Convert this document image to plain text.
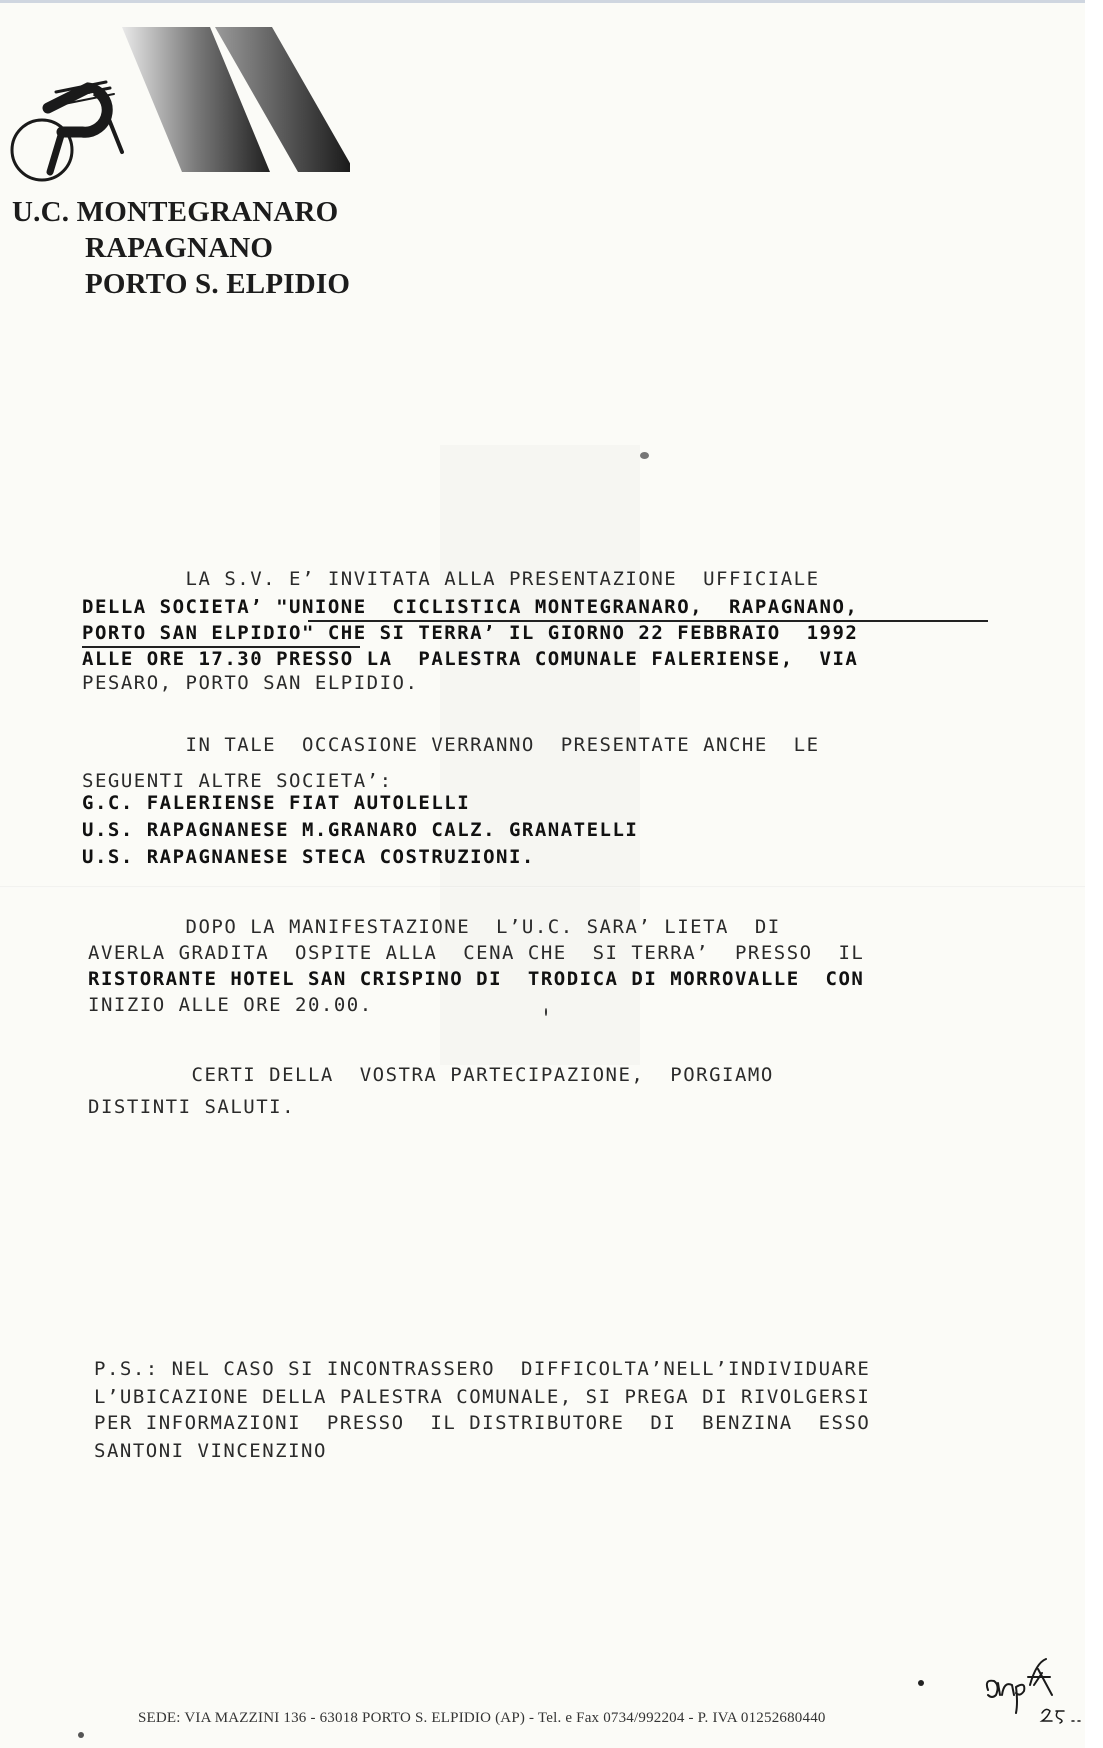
U.C. MONTEGRANARO
RAPAGNANO
PORTO S. ELPIDIO
LA S.V. E’ INVITATA ALLA PRESENTAZIONE  UFFICIALE
DELLA SOCIETA’ "UNIONE  CICLISTICA MONTEGRANARO,  RAPAGNANO,
PORTO SAN ELPIDIO" CHE SI TERRA’ IL GIORNO 22 FEBBRAIO  1992
ALLE ORE 17.30 PRESSO LA  PALESTRA COMUNALE FALERIENSE,  VIA
PESARO, PORTO SAN ELPIDIO.
IN TALE  OCCASIONE VERRANNO  PRESENTATE ANCHE  LE
SEGUENTI ALTRE SOCIETA’:
G.C. FALERIENSE FIAT AUTOLELLI
U.S. RAPAGNANESE M.GRANARO CALZ. GRANATELLI
U.S. RAPAGNANESE STECA COSTRUZIONI.
DOPO LA MANIFESTAZIONE  L’U.C. SARA’ LIETA  DI
AVERLA GRADITA  OSPITE ALLA  CENA CHE  SI TERRA’  PRESSO  IL
RISTORANTE HOTEL SAN CRISPINO DI  TRODICA DI MORROVALLE  CON
INIZIO ALLE ORE 20.00.
CERTI DELLA  VOSTRA PARTECIPAZIONE,  PORGIAMO
DISTINTI SALUTI.
P.S.: NEL CASO SI INCONTRASSERO  DIFFICOLTA’NELL’INDIVIDUARE
L’UBICAZIONE DELLA PALESTRA COMUNALE, SI PREGA DI RIVOLGERSI
PER INFORMAZIONI  PRESSO  IL DISTRIBUTORE  DI  BENZINA  ESSO
SANTONI VINCENZINO
SEDE: VIA MAZZINI 136 - 63018 PORTO S. ELPIDIO (AP) - Tel. e Fax 0734/992204 - P. IVA 01252680440
